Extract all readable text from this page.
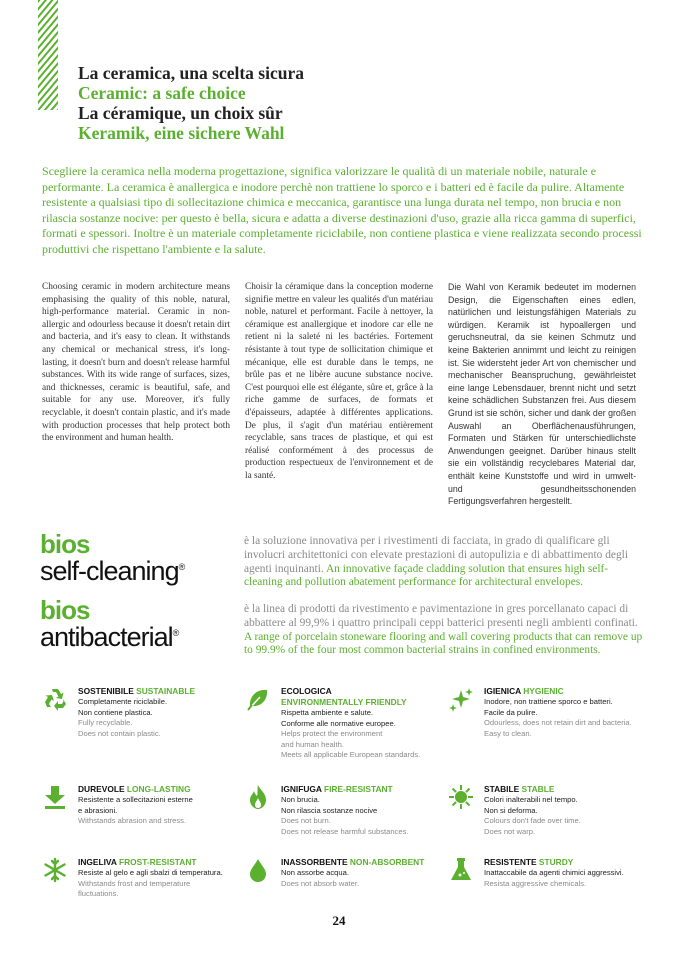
La ceramica, una scelta sicura
Ceramic: a safe choice
La céramique, un choix sûr
Keramik, eine sichere Wahl

Scegliere la ceramica nella moderna progettazione, significa valorizzare le qualità di un materiale nobile, naturale e performante. La ceramica è anallergica e inodore perchè non trattiene lo sporco e i batteri ed è facile da pulire. Altamente resistente a qualsiasi tipo di sollecitazione chimica e meccanica, garantisce una lunga durata nel tempo, non brucia e non rilascia sostanze nocive: per questo è bella, sicura e adatta a diverse destinazioni d'uso, grazie alla ricca gamma di superfici, formati e spessori. Inoltre è un materiale completamente riciclabile, non contiene plastica e viene realizzata secondo processi produttivi che rispettano l'ambiente e la salute.

Choosing ceramic in modern architecture means emphasising the quality of this noble, natural, high-performance material. Ceramic in non-allergic and odourless because it doesn't retain dirt and bacteria, and it's easy to clean. It withstands any chemical or mechanical stress, it's long-lasting, it doesn't burn and doesn't release harmful substances. With its wide range of surfaces, sizes, and thicknesses, ceramic is beautiful, safe, and suitable for any use. Moreover, it's fully recyclable, it doesn't contain plastic, and it's made with production processes that help protect both the environment and human health.

Choisir la céramique dans la conception moderne signifie mettre en valeur les qualités d'un matériau noble, naturel et performant. Facile à nettoyer, la céramique est anallergique et inodore car elle ne retient ni la saleté ni les bactéries. Fortement résistante à tout type de sollicitation chimique et mécanique, elle est durable dans le temps, ne brûle pas et ne libère aucune substance nocive. C'est pourquoi elle est élégante, sûre et, grâce à la riche gamme de surfaces, de formats et d'épaisseurs, adaptée à différentes applications. De plus, il s'agit d'un matériau entièrement recyclable, sans traces de plastique, et qui est réalisé conformément à des processus de production respectueux de l'environnement et de la santé.

Die Wahl von Keramik bedeutet im modernen Design, die Eigenschaften eines edlen, natürlichen und leistungsfähigen Materials zu würdigen. Keramik ist hypoallergen und geruchsneutral, da sie keinen Schmutz und keine Bakterien annimmt und leicht zu reinigen ist. Sie widersteht jeder Art von chemischer und mechanischer Beanspruchung, gewährleistet eine lange Lebensdauer, brennt nicht und setzt keine schädlichen Substanzen frei. Aus diesem Grund ist sie schön, sicher und dank der großen Auswahl an Oberflächenausführungen, Formaten und Stärken für unterschiedlichste Anwendungen geeignet. Darüber hinaus stellt sie ein vollständig recyclebares Material dar, enthält keine Kunststoffe und wird in umwelt- und gesundheitsschonenden Fertigungsverfahren hergestellt.

bios
self-cleaning®

è la soluzione innovativa per i rivestimenti di facciata, in grado di qualificare gli involucri architettonici con elevate prestazioni di autopulizia e di abbattimento degli agenti inquinanti. An innovative façade cladding solution that ensures high self-cleaning and pollution abatement performance for architectural envelopes.

bios
antibacterial®

è la linea di prodotti da rivestimento e pavimentazione in gres porcellanato capaci di abbattere al 99,9% i quattro principali ceppi batterici presenti negli ambienti confinati. A range of porcelain stoneware flooring and wall covering products that can remove up to 99.9% of the four most common bacterial strains in confined environments.

SOSTENIBILE SUSTAINABLE
Completamente riciclabile.
Non contiene plastica.
Fully recyclable.
Does not contain plastic.
ECOLOGICA
ENVIRONMENTALLY FRIENDLY
Rispetta ambiente e salute.
Conforme alle normative europee.
Helps protect the environment
and human health.
Meets all applicable European standards.
IGIENICA HYGIENIC
Inodore, non trattiene sporco e batteri.
Facile da pulire.
Odourless, does not retain dirt and bacteria.
Easy to clean.
DUREVOLE LONG-LASTING
Resistente a sollecitazioni esterne
e abrasioni.
Withstands abrasion and stress.
IGNIFUGA FIRE-RESISTANT
Non brucia.
Non rilascia sostanze nocive
Does not burn.
Does not release harmful substances.
STABILE STABLE
Colori inalterabili nel tempo.
Non si deforma.
Colours don't fade over time.
Does not warp.
INGELIVA FROST-RESISTANT
Resiste al gelo e agli sbalzi di temperatura.
Withstands frost and temperature
fluctuations.
INASSORBENTE NON-ABSORBENT
Non assorbe acqua.
Does not absorb water.
RESISTENTE STURDY
Inattaccabile da agenti chimici aggressivi.
Resista aggressive chemicals.
24
